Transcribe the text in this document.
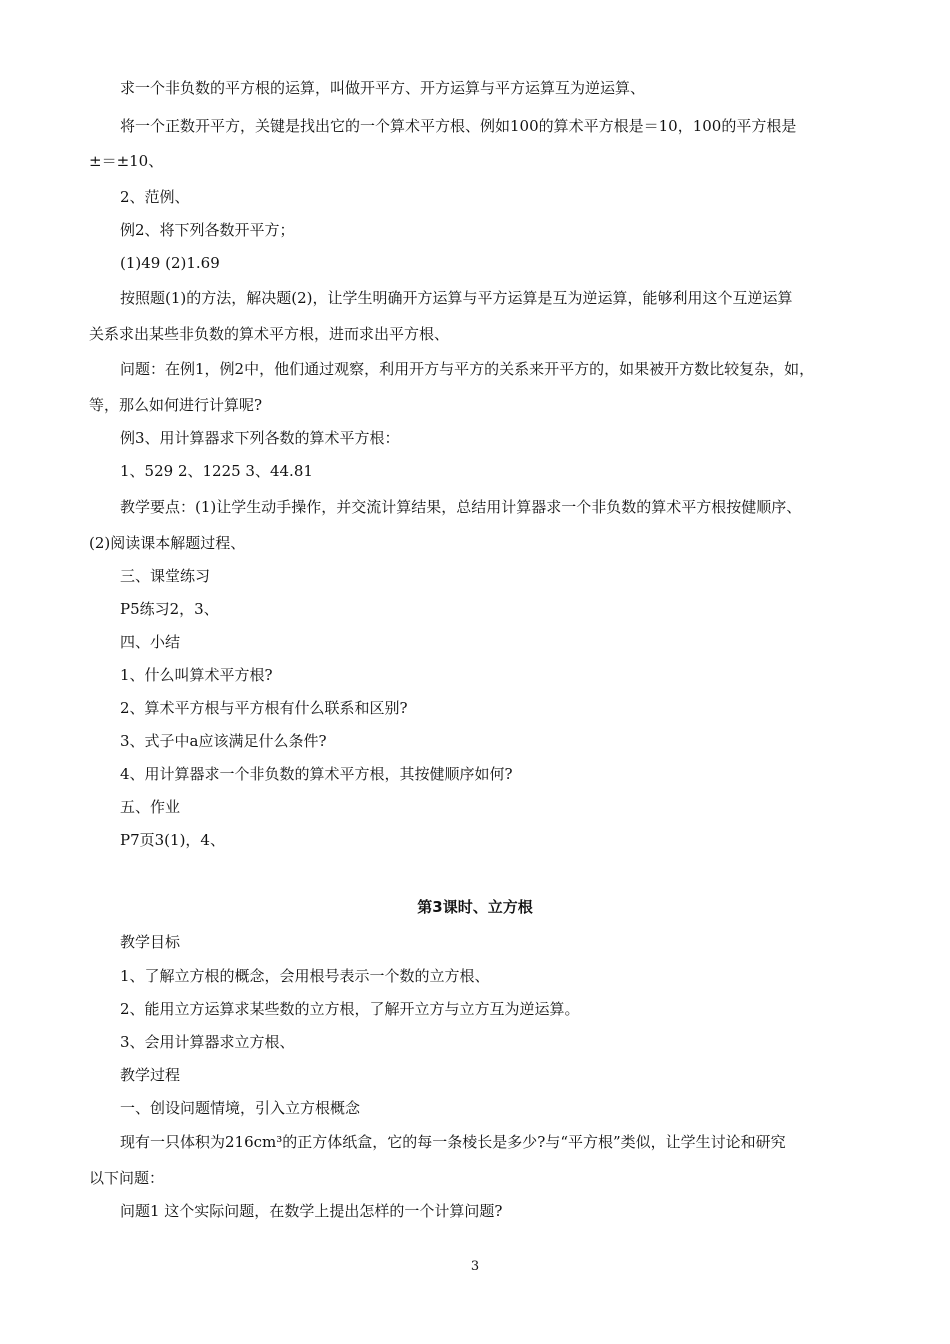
求一个非负数的平方根的运算，叫做开平方、开方运算与平方运算互为逆运算、
将一个正数开平方，关键是找出它的一个算术平方根、例如100的算术平方根是＝10，100的平方根是
±＝±10、
2、范例、
例2、将下列各数开平方；
(1)49 (2)1.69
按照题(1)的方法，解决题(2)，让学生明确开方运算与平方运算是互为逆运算，能够利用这个互逆运算
关系求出某些非负数的算术平方根，进而求出平方根、
问题：在例1，例2中，他们通过观察，利用开方与平方的关系来开平方的，如果被开方数比较复杂，如，
等，那么如何进行计算呢?
例3、用计算器求下列各数的算术平方根：
1、529 2、1225 3、44.81
教学要点：(1)让学生动手操作，并交流计算结果，总结用计算器求一个非负数的算术平方根按健顺序、
(2)阅读课本解题过程、
三、课堂练习
P5练习2，3、
四、小结
1、什么叫算术平方根?
2、算术平方根与平方根有什么联系和区别?
3、式子中a应该满足什么条件?
4、用计算器求一个非负数的算术平方根，其按健顺序如何?
五、作业
P7页3(1)，4、
第3课时、立方根
教学目标
1、了解立方根的概念，会用根号表示一个数的立方根、
2、能用立方运算求某些数的立方根，了解开立方与立方互为逆运算。
3、会用计算器求立方根、
教学过程
一、创设问题情境，引入立方根概念
现有一只体积为216cm³的正方体纸盒，它的每一条棱长是多少?与“平方根”类似，让学生讨论和研究
以下问题：
问题1 这个实际问题，在数学上提出怎样的一个计算问题?
3
